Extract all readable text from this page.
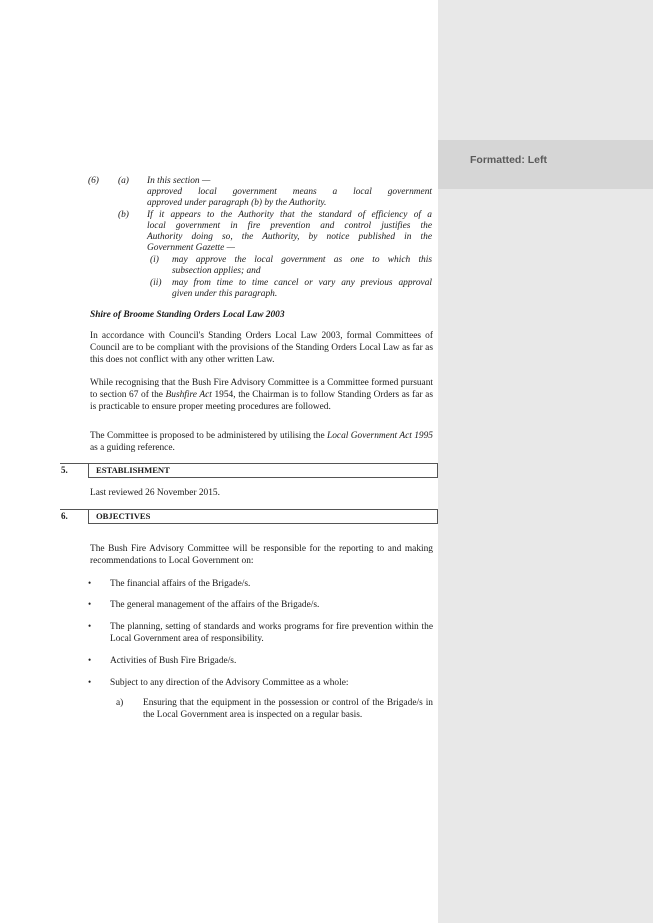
Formatted: Left
(6) (a) In this section —
approved local government means a local government
approved under paragraph (b) by the Authority.
(b) If it appears to the Authority that the standard of efficiency of a
local government in fire prevention and control justifies the
Authority doing so, the Authority, by notice published in the
Government Gazette —
(i) may approve the local government as one to which this
subsection applies; and
(ii) may from time to time cancel or vary any previous approval
given under this paragraph.
Shire of Broome Standing Orders Local Law 2003
In accordance with Council's Standing Orders Local Law 2003, formal Committees of Council are to be compliant with the provisions of the Standing Orders Local Law as far as this does not conflict with any other written Law.
While recognising that the Bush Fire Advisory Committee is a Committee formed pursuant to section 67 of the Bushfire Act 1954, the Chairman is to follow Standing Orders as far as is practicable to ensure proper meeting procedures are followed.
The Committee is proposed to be administered by utilising the Local Government Act 1995 as a guiding reference.
5.	ESTABLISHMENT
Last reviewed 26 November 2015.
6.	OBJECTIVES
The Bush Fire Advisory Committee will be responsible for the reporting to and making recommendations to Local Government on:
• The financial affairs of the Brigade/s.
• The general management of the affairs of the Brigade/s.
• The planning, setting of standards and works programs for fire prevention within the Local Government area of responsibility.
• Activities of Bush Fire Brigade/s.
• Subject to any direction of the Advisory Committee as a whole:
a) Ensuring that the equipment in the possession or control of the Brigade/s in the Local Government area is inspected on a regular basis.
